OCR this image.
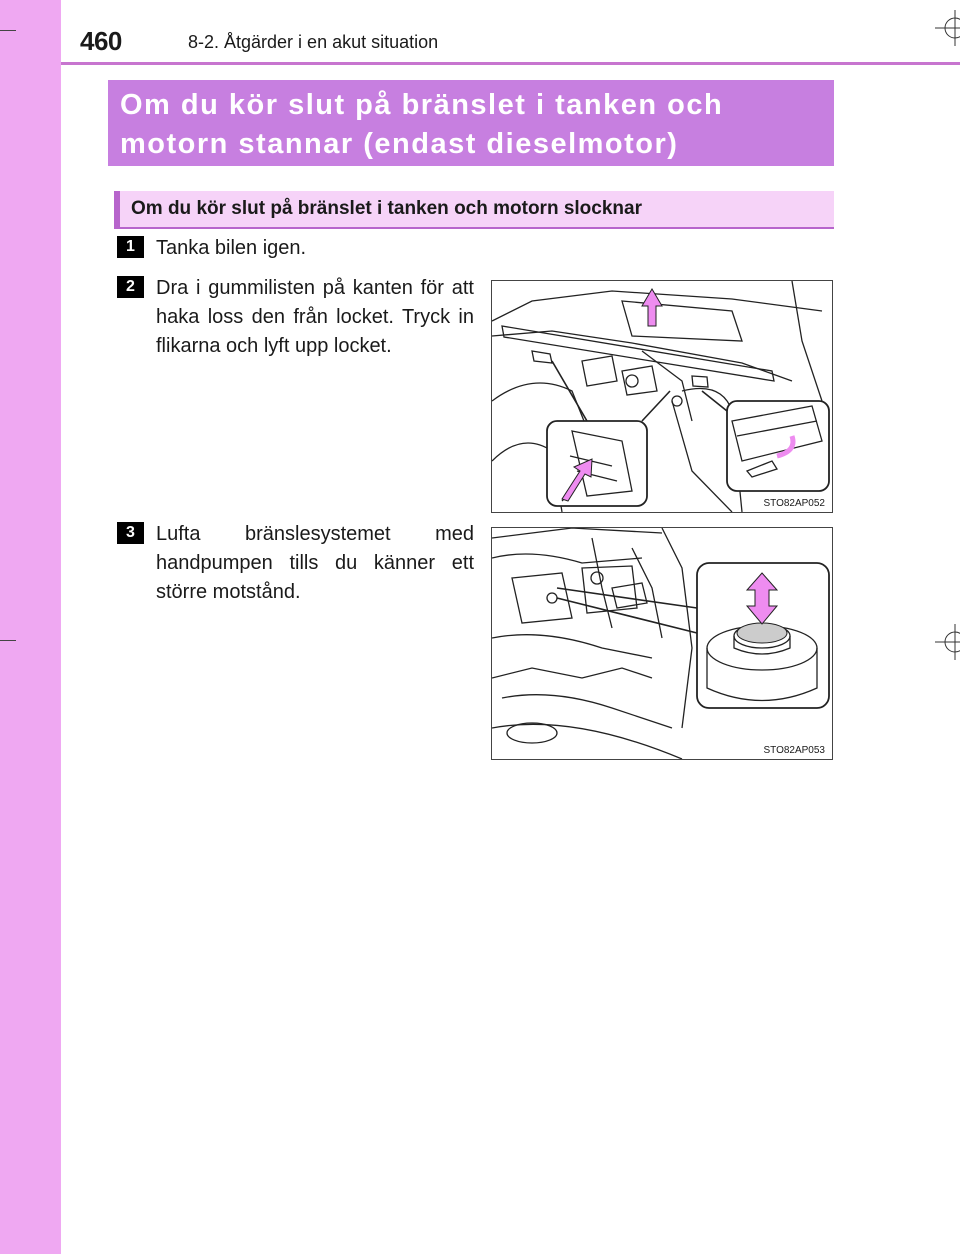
460	8-2. Åtgärder i en akut situation
Om du kör slut på bränslet i tanken och
motorn stannar (endast dieselmotor)
Om du kör slut på bränslet i tanken och motorn slocknar
1	Tanka bilen igen.
2	Dra i gummilisten på kanten för att haka loss den från locket. Tryck in flikarna och lyft upp locket.
3	Lufta bränslesystemet med handpumpen tills du känner ett större motstånd.
STO82AP052
STO82AP053
